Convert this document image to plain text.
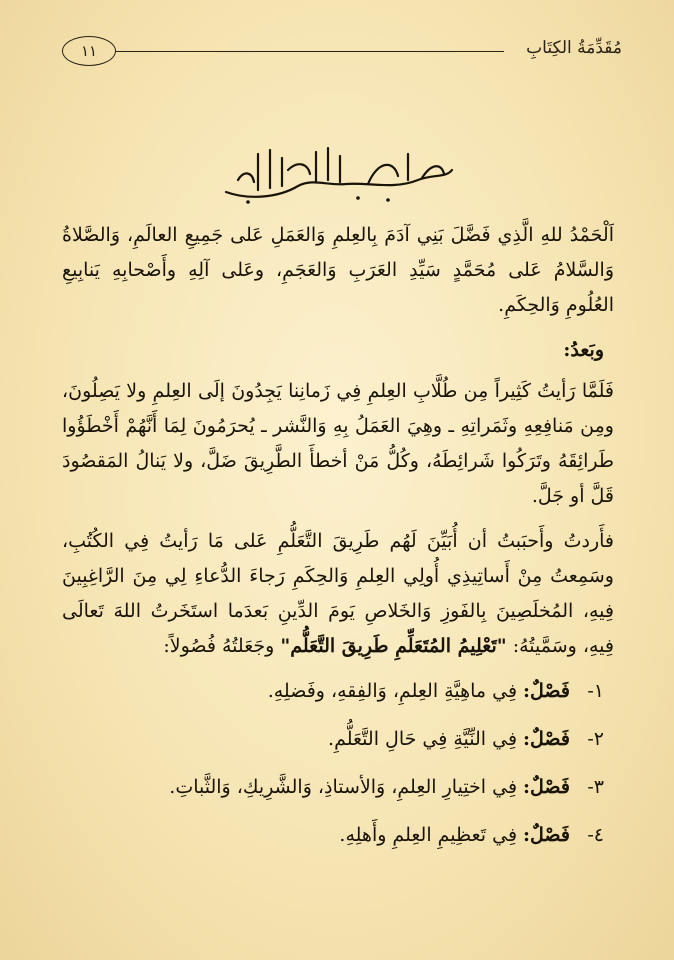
مُقَدِّمَةُ الكِتَابِ
١١

اَلْحَمْدُ للهِ الَّذِي فَضَّلَ بَنِي آدَمَ بِالعِلمِ وَالعَمَلِ عَلى جَمِيعِ العالَمِ، وَالصَّلاةُ وَالسَّلامُ عَلى مُحَمَّدٍ سَيِّدِ العَرَبِ وَالعَجَمِ، وعَلى آلِهِ وأَصْحابِهِ يَنابِيعِ العُلُومِ وَالحِكَمِ.

وبَعدُ:

فَلَمَّا رَأيتُ كَثِيراً مِن طُلَّابِ العِلمِ فِي زَمانِنا يَجِدُونَ إلَى العِلمِ ولا يَصِلُونَ، ومِن مَنافِعِهِ وثَمَراتِهِ ـ وهِيَ العَمَلُ بِهِ وَالنَّشر ـ يُحرَمُونَ لِمَا أَنَّهُمْ أَخْطَؤُوا طَرائِقَهُ وتَرَكُوا شَرائِطَهُ، وكُلُّ مَنْ أخطأَ الطَّرِيقَ ضَلَّ، ولا يَنالُ المَقصُودَ قَلَّ أو جَلَّ.

فأَردتُ وأَحبَبتُ أن أُبَيِّنَ لَهُم طَرِيقَ التَّعَلُّمِ عَلى مَا رَأيتُ فِي الكُتُبِ، وسَمِعتُ مِنْ أَساتِيذِي أُولِي العِلمِ وَالحِكَمِ رَجاءَ الدُّعاءِ لِي مِنَ الرَّاغِبِينَ فِيهِ، المُخلَصِينَ بِالفَوزِ وَالخَلاصِ يَومَ الدِّينِ بَعدَما استَخَرتُ اللهَ تَعالَى فِيهِ، وسَمَّيتُهُ: "تَعْلِيمُ المُتَعَلِّمِ طَرِيقَ التَّعَلُّم" وجَعَلتُهُ فُصُولاً:

١-
فَصْلٌ:
فِي ماهِيَّةِ العِلمِ، وَالفِقهِ، وفَضلِهِ.
٢-
فَصْلٌ:
فِي النِّيَّةِ فِي حَالِ التَّعَلُّمِ.
٣-
فَصْلٌ:
فِي اختِيارِ العِلمِ، وَالأستاذِ، وَالشَّرِيكِ، وَالثَّباتِ.
٤-
فَصْلٌ:
فِي تَعظِيمِ العِلمِ وأَهلِهِ.
